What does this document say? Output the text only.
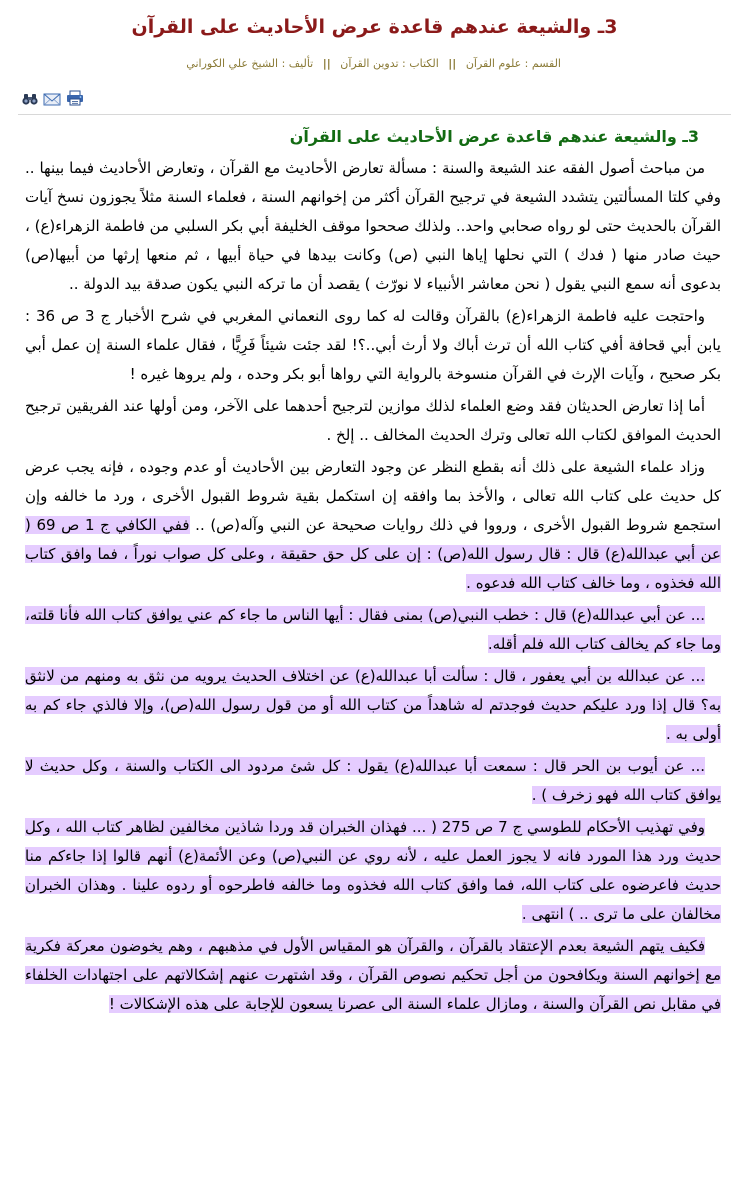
3ـ والشيعة عندهم قاعدة عرض الأحاديث على القرآن
القسم : علوم القرآن || الكتاب : تدوين القرآن || تأليف : الشيخ علي الكوراني
3ـ والشيعة عندهم قاعدة عرض الأحاديث على القرآن

من مباحث أصول الفقه عند الشيعة والسنة : مسألة تعارض الأحاديث مع القرآن ، وتعارض الأحاديث فيما بينها .. وفي كلتا المسألتين يتشدد الشيعة في ترجيح القرآن أكثر من إخوانهم السنة ، فعلماء السنة مثلاً يجوزون نسخ آيات القرآن بالحديث حتى لو رواه صحابي واحد.. ولذلك صححوا موقف الخليفة أبي بكر السلبي من فاطمة الزهراء(ع) ، حيث صادر منها ( فدك ) التي نحلها إياها النبي (ص) وكانت بيدها في حياة أبيها ، ثم منعها إرثها من أبيها(ص) بدعوى أنه سمع النبي يقول ( نحن معاشر الأنبياء لا نورّث ) يقصد أن ما تركه النبي يكون صدقة بيد الدولة ..

واحتجت عليه فاطمة الزهراء(ع) بالقرآن وقالت له كما روى النعماني المغربي في شرح الأخبار ج 3 ص 36 : يابن أبي قحافة أفي كتاب الله أن ترث أباك ولا أرث أبي..؟! لقد جئت شيئاً فَرِيًّا ، فقال علماء السنة إن عمل أبي بكر صحيح ، وآيات الإرث في القرآن منسوخة بالرواية التي رواها أبو بكر وحده ، ولم يروها غيره !

أما إذا تعارض الحديثان فقد وضع العلماء لذلك موازين لترجيح أحدهما على الآخر، ومن أولها عند الفريقين ترجيح الحديث الموافق لكتاب الله تعالى وترك الحديث المخالف .. إلخ .

وزاد علماء الشيعة على ذلك أنه بقطع النظر عن وجود التعارض بين الأحاديث أو عدم وجوده ، فإنه يجب عرض كل حديث على كتاب الله تعالى ، والأخذ بما وافقه إن استكمل بقية شروط القبول الأخرى ، ورد ما خالفه وإن استجمع شروط القبول الأخرى ، ورووا في ذلك روايات صحيحة عن النبي وآله(ص) .. ففي الكافي ج 1 ص 69 ( عن أبي عبدالله(ع) قال : قال رسول الله(ص) : إن على كل حق حقيقة ، وعلى كل صواب نوراً ، فما وافق كتاب الله فخذوه ، وما خالف كتاب الله فدعوه .

... عن أبي عبدالله(ع) قال : خطب النبي(ص) بمنى فقال : أيها الناس ما جاء كم عني يوافق كتاب الله فأنا قلته، وما جاء كم يخالف كتاب الله فلم أقله.

... عن عبدالله بن أبي يعفور ، قال : سألت أبا عبدالله(ع) عن اختلاف الحديث يرويه من نثق به ومنهم من لانثق به؟ قال إذا ورد عليكم حديث فوجدتم له شاهداً من كتاب الله أو من قول رسول الله(ص)، وإلا فالذي جاء كم به أولى به .

... عن أيوب بن الحر قال : سمعت أبا عبدالله(ع) يقول : كل شئ مردود الى الكتاب والسنة ، وكل حديث لا يوافق كتاب الله فهو زخرف ) .

وفي تهذيب الأحكام للطوسي ج 7 ص 275 ( ... فهذان الخبران قد وردا شاذين مخالفين لظاهر كتاب الله ، وكل حديث ورد هذا المورد فانه لا يجوز العمل عليه ، لأنه روي عن النبي(ص) وعن الأئمة(ع) أنهم قالوا إذا جاءكم منا حديث فاعرضوه على كتاب الله، فما وافق كتاب الله فخذوه وما خالفه فاطرحوه أو ردوه علينا . وهذان الخبران مخالفان على ما ترى .. ) انتهى .

فكيف يتهم الشيعة بعدم الإعتقاد بالقرآن ، والقرآن هو المقياس الأول في مذهبهم ، وهم يخوضون معركة فكرية مع إخوانهم السنة ويكافحون من أجل تحكيم نصوص القرآن ، وقد اشتهرت عنهم إشكالاتهم على اجتهادات الخلفاء في مقابل نص القرآن والسنة ، ومازال علماء السنة الى عصرنا يسعون للإجابة على هذه الإشكالات !
